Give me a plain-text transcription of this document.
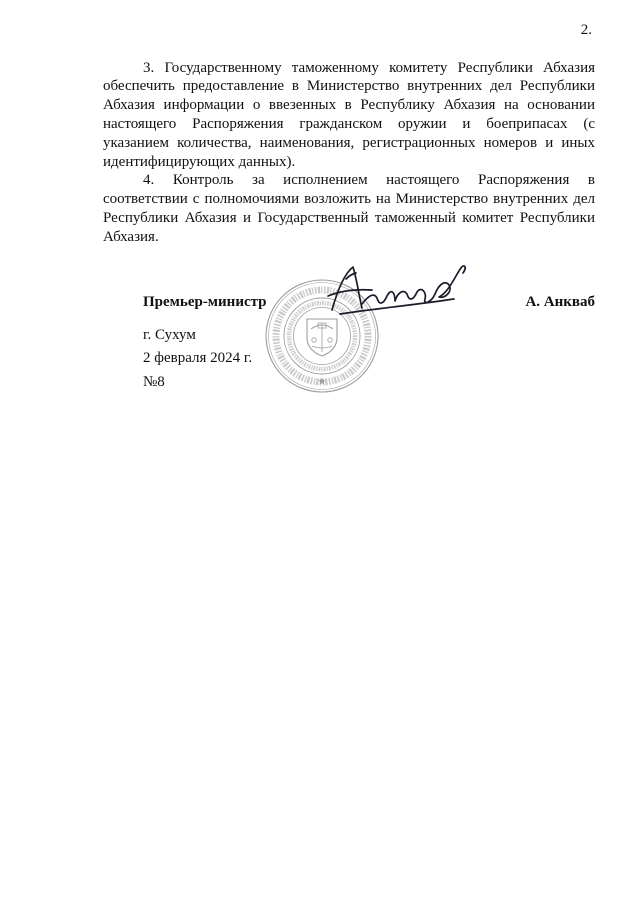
2.
3. Государственному таможенному комитету Республики Абхазия
обеспечить предоставление в Министерство внутренних дел Республики
Абхазия информации о ввезенных в Республику Абхазия на основании
настоящего Распоряжения гражданском оружии и боеприпасах (с
указанием количества, наименования, регистрационных номеров и иных
идентифицирующих данных).
4. Контроль за исполнением настоящего Распоряжения в
соответствии с полномочиями возложить на Министерство внутренних дел
Республики Абхазия и Государственный таможенный комитет Республики
Абхазия.
Премьер-министр	А. Анкваб
г. Сухум
2 февраля 2024 г.
№8
